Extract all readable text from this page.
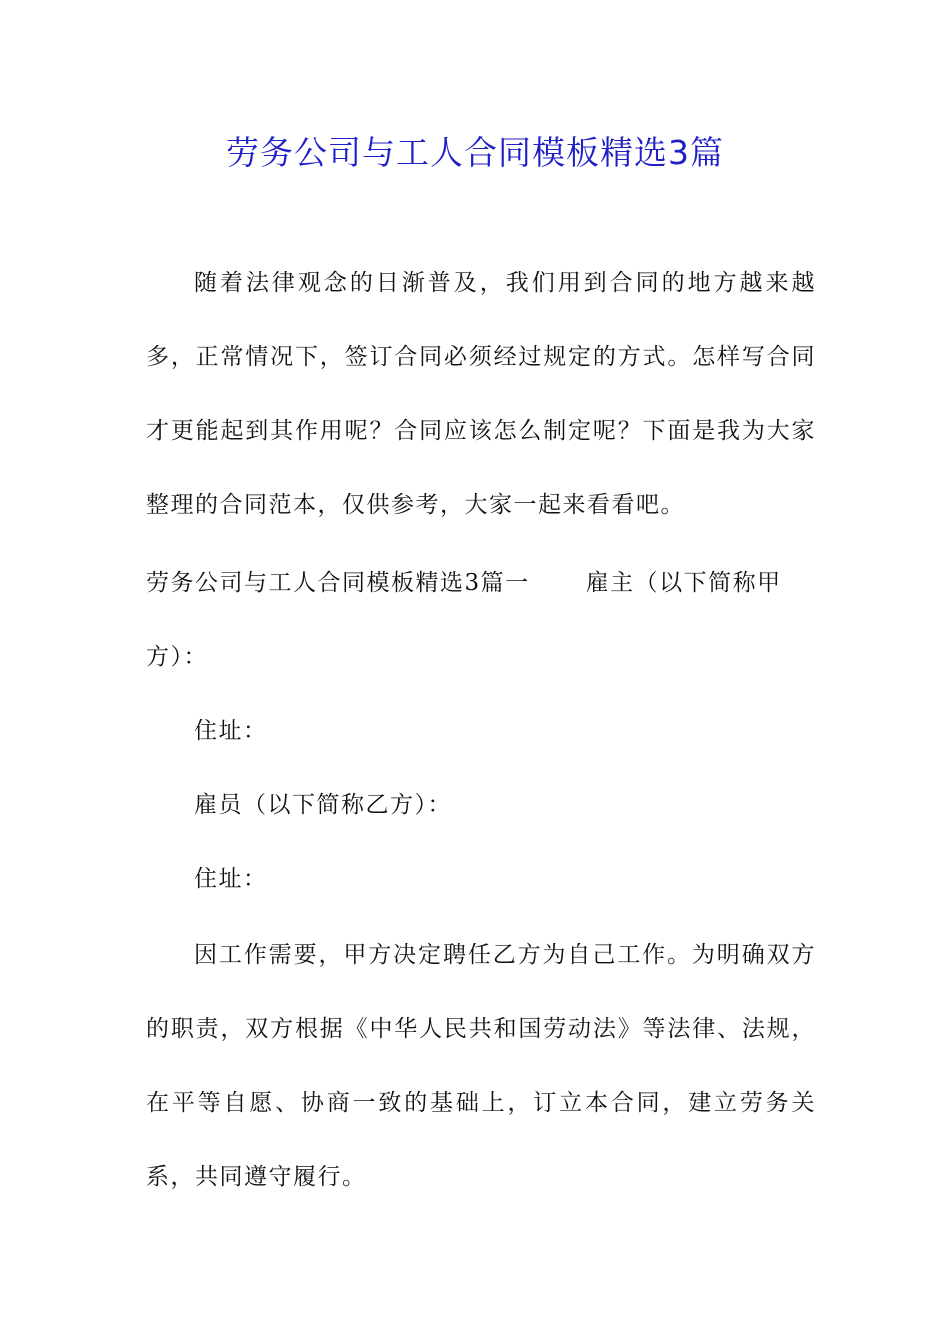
劳务公司与工人合同模板精选3篇

随着法律观念的日渐普及，我们用到合同的地方越来越多，正常情况下，签订合同必须经过规定的方式。怎样写合同才更能起到其作用呢？合同应该怎么制定呢？下面是我为大家整理的合同范本，仅供参考，大家一起来看看吧。

劳务公司与工人合同模板精选3篇一 雇主（以下简称甲
方）：
住址：
雇员（以下简称乙方）：
住址：

因工作需要，甲方决定聘任乙方为自己工作。为明确双方的职责，双方根据《中华人民共和国劳动法》等法律、法规，在平等自愿、协商一致的基础上，订立本合同，建立劳务关系，共同遵守履行。
